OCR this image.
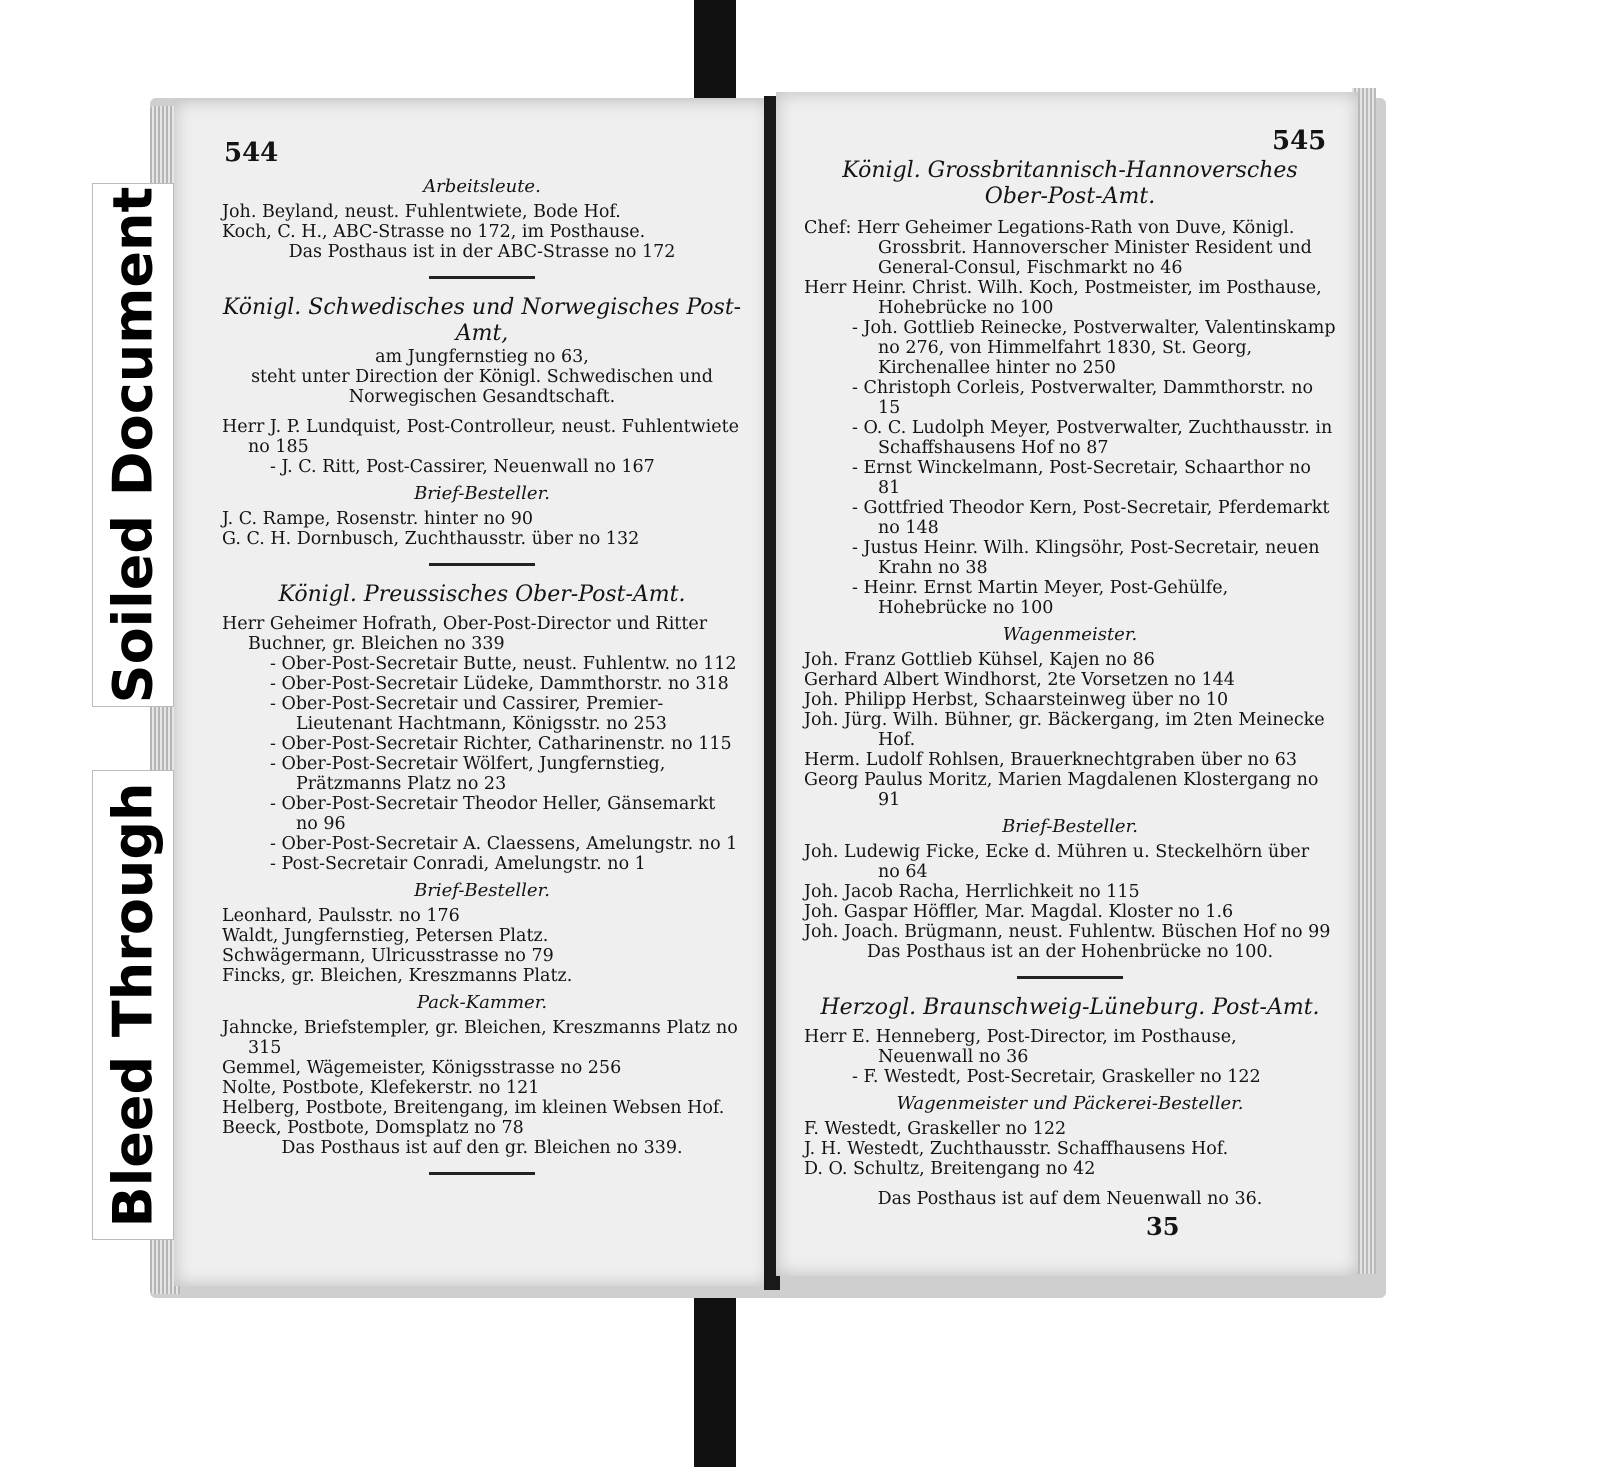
Soiled Document
Bleed Through
544
Arbeitsleute.
Joh. Beyland, neust. Fuhlentwiete, Bode Hof.
Koch, C. H., ABC-Strasse no 172, im Posthause.
Das Posthaus ist in der ABC-Strasse no 172
Königl. Schwedisches und Norwegisches Post-Amt,
am Jungfernstieg no 63,
steht unter Direction der Königl. Schwedischen und
Norwegischen Gesandtschaft.
Herr J. P. Lundquist, Post-Controlleur, neust. Fuhlentwiete no 185
- J. C. Ritt, Post-Cassirer, Neuenwall no 167
Brief-Besteller.
J. C. Rampe, Rosenstr. hinter no 90
G. C. H. Dornbusch, Zuchthausstr. über no 132
Königl. Preussisches Ober-Post-Amt.
Herr Geheimer Hofrath, Ober-Post-Director und Ritter Buchner, gr. Bleichen no 339
- Ober-Post-Secretair Butte, neust. Fuhlentw. no 112
- Ober-Post-Secretair Lüdeke, Dammthorstr. no 318
- Ober-Post-Secretair und Cassirer, Premier-Lieutenant Hachtmann, Königsstr. no 253
- Ober-Post-Secretair Richter, Catharinenstr. no 115
- Ober-Post-Secretair Wölfert, Jungfernstieg, Prätzmanns Platz no 23
- Ober-Post-Secretair Theodor Heller, Gänsemarkt no 96
- Ober-Post-Secretair A. Claessens, Amelungstr. no 1
- Post-Secretair Conradi, Amelungstr. no 1
Brief-Besteller.
Leonhard, Paulsstr. no 176
Waldt, Jungfernstieg, Petersen Platz.
Schwägermann, Ulricusstrasse no 79
Fincks, gr. Bleichen, Kreszmanns Platz.
Pack-Kammer.
Jahncke, Briefstempler, gr. Bleichen, Kreszmanns Platz no 315
Gemmel, Wägemeister, Königsstrasse no 256
Nolte, Postbote, Klefekerstr. no 121
Helberg, Postbote, Breitengang, im kleinen Websen Hof.
Beeck, Postbote, Domsplatz no 78
Das Posthaus ist auf den gr. Bleichen no 339.
545
Königl. Grossbritannisch-Hannoversches
Ober-Post-Amt.
Chef: Herr Geheimer Legations-Rath von Duve, Königl. Grossbrit. Hannoverscher Minister Resident und General-Consul, Fischmarkt no 46
Herr Heinr. Christ. Wilh. Koch, Postmeister, im Posthause, Hohebrücke no 100
- Joh. Gottlieb Reinecke, Postverwalter, Valentinskamp no 276, von Himmelfahrt 1830, St. Georg, Kirchenallee hinter no 250
- Christoph Corleis, Postverwalter, Dammthorstr. no 15
- O. C. Ludolph Meyer, Postverwalter, Zuchthausstr. in Schaffshausens Hof no 87
- Ernst Winckelmann, Post-Secretair, Schaarthor no 81
- Gottfried Theodor Kern, Post-Secretair, Pferdemarkt no 148
- Justus Heinr. Wilh. Klingsöhr, Post-Secretair, neuen Krahn no 38
- Heinr. Ernst Martin Meyer, Post-Gehülfe, Hohebrücke no 100
Wagenmeister.
Joh. Franz Gottlieb Kühsel, Kajen no 86
Gerhard Albert Windhorst, 2te Vorsetzen no 144
Joh. Philipp Herbst, Schaarsteinweg über no 10
Joh. Jürg. Wilh. Bühner, gr. Bäckergang, im 2ten Meinecke Hof.
Herm. Ludolf Rohlsen, Brauerknechtgraben über no 63
Georg Paulus Moritz, Marien Magdalenen Klostergang no 91
Brief-Besteller.
Joh. Ludewig Ficke, Ecke d. Mühren u. Steckelhörn über no 64
Joh. Jacob Racha, Herrlichkeit no 115
Joh. Gaspar Höffler, Mar. Magdal. Kloster no 1.6
Joh. Joach. Brügmann, neust. Fuhlentw. Büschen Hof no 99
Das Posthaus ist an der Hohenbrücke no 100.
Herzogl. Braunschweig-Lüneburg. Post-Amt.
Herr E. Henneberg, Post-Director, im Posthause, Neuenwall no 36
- F. Westedt, Post-Secretair, Graskeller no 122
Wagenmeister und Päckerei-Besteller.
F. Westedt, Graskeller no 122
J. H. Westedt, Zuchthausstr. Schaffhausens Hof.
D. O. Schultz, Breitengang no 42
Das Posthaus ist auf dem Neuenwall no 36.
35
